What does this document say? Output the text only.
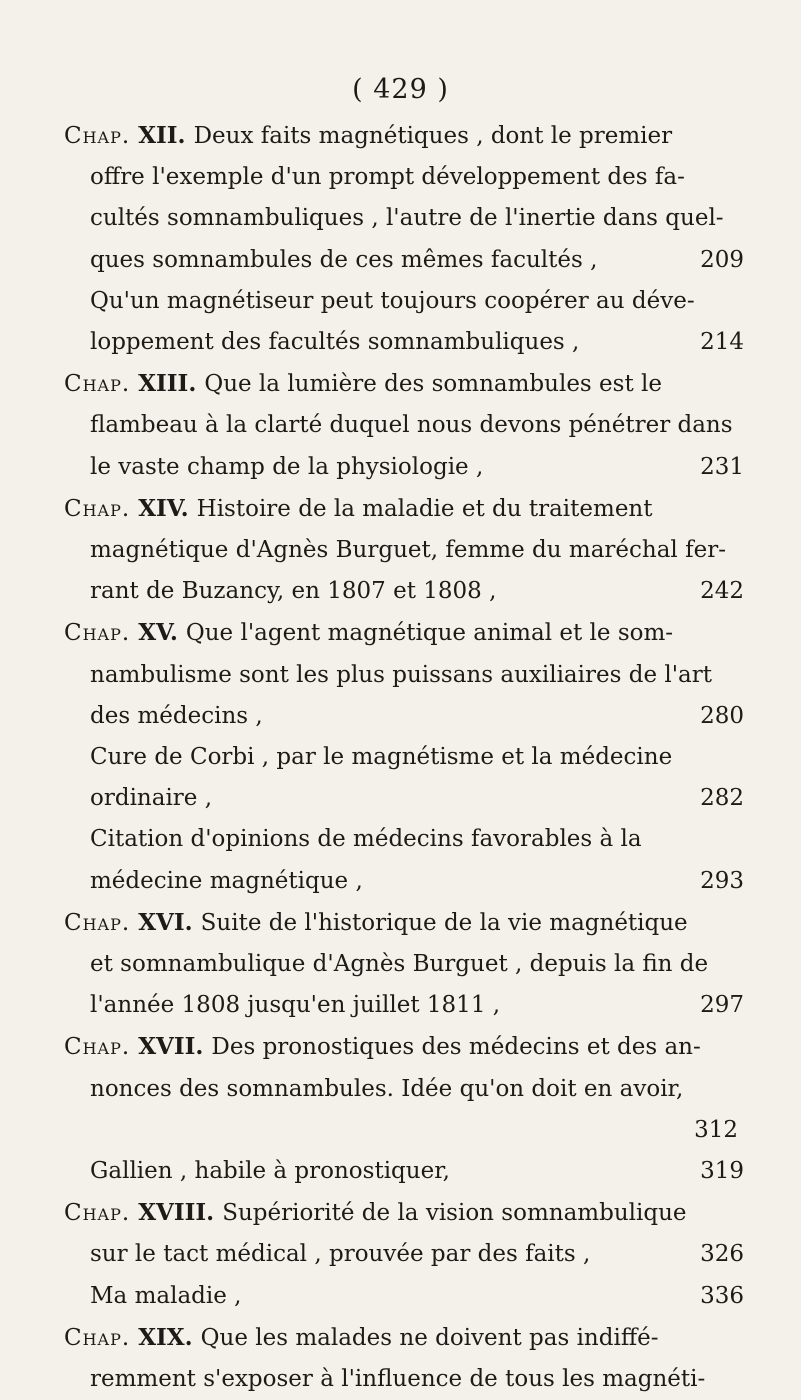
( 429 )
Chap. XII. Deux faits magnétiques , dont le premier
offre l'exemple d'un prompt développement des fa-
cultés somnambuliques , l'autre de l'inertie dans quel-
209
ques somnambules de ces mêmes facultés ,
Qu'un magnétiseur peut toujours coopérer au déve-
214
loppement des facultés somnambuliques ,
Chap. XIII. Que la lumière des somnambules est le
flambeau à la clarté duquel nous devons pénétrer dans
231
le vaste champ de la physiologie ,
Chap. XIV. Histoire de la maladie et du traitement
magnétique d'Agnès Burguet, femme du maréchal fer-
242
rant de Buzancy, en 1807 et 1808 ,
Chap. XV. Que l'agent magnétique animal et le som-
nambulisme sont les plus puissans auxiliaires de l'art
280
des médecins ,
Cure de Corbi , par le magnétisme et la médecine
282
ordinaire ,
Citation d'opinions de médecins favorables à la
293
médecine magnétique ,
Chap. XVI. Suite de l'historique de la vie magnétique
et somnambulique d'Agnès Burguet , depuis la fin de
297
l'année 1808 jusqu'en juillet 1811 ,
Chap. XVII. Des pronostiques des médecins et des an-
nonces des somnambules. Idée qu'on doit en avoir,
312
319
Gallien , habile à pronostiquer,
Chap. XVIII. Supériorité de la vision somnambulique
326
sur le tact médical , prouvée par des faits ,
336
Ma maladie ,
Chap. XIX. Que les malades ne doivent pas indiffé-
remment s'exposer à l'influence de tous les magnéti-
